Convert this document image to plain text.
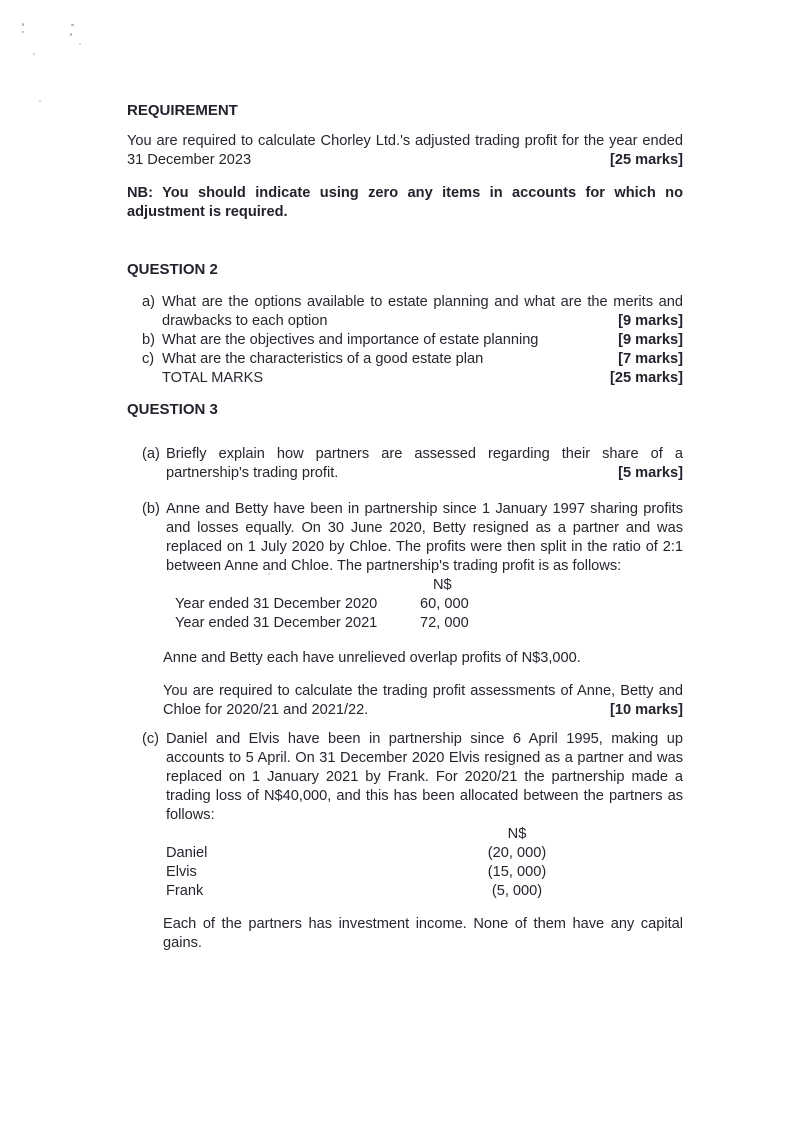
REQUIREMENT

You are required to calculate Chorley Ltd.'s adjusted trading profit for the year ended 31 December 2023	[25 marks]

NB: You should indicate using zero any items in accounts for which no adjustment is required.

QUESTION 2
a) What are the options available to estate planning and what are the merits and drawbacks to each option	[9 marks]
b) What are the objectives and importance of estate planning	[9 marks]
c) What are the characteristics of a good estate plan	[7 marks]
TOTAL MARKS	[25 marks]
QUESTION 3
(a) Briefly explain how partners are assessed regarding their share of a partnership's trading profit.	[5 marks]
(b) Anne and Betty have been in partnership since 1 January 1997 sharing profits and losses equally. On 30 June 2020, Betty resigned as a partner and was replaced on 1 July 2020 by Chloe. The profits were then split in the ratio of 2:1 between Anne and Chloe. The partnership's trading profit is as follows:

N$
Year ended 31 December 2020	60, 000
Year ended 31 December 2021	72, 000

Anne and Betty each have unrelieved overlap profits of N$3,000.

You are required to calculate the trading profit assessments of Anne, Betty and Chloe for 2020/21 and 2021/22.	[10 marks]
(c) Daniel and Elvis have been in partnership since 6 April 1995, making up accounts to 5 April. On 31 December 2020 Elvis resigned as a partner and was replaced on 1 January 2021 by Frank. For 2020/21 the partnership made a trading loss of N$40,000, and this has been allocated between the partners as follows:

N$
Daniel	(20, 000)
Elvis	(15, 000)
Frank	(5, 000)

Each of the partners has investment income. None of them have any capital gains.
